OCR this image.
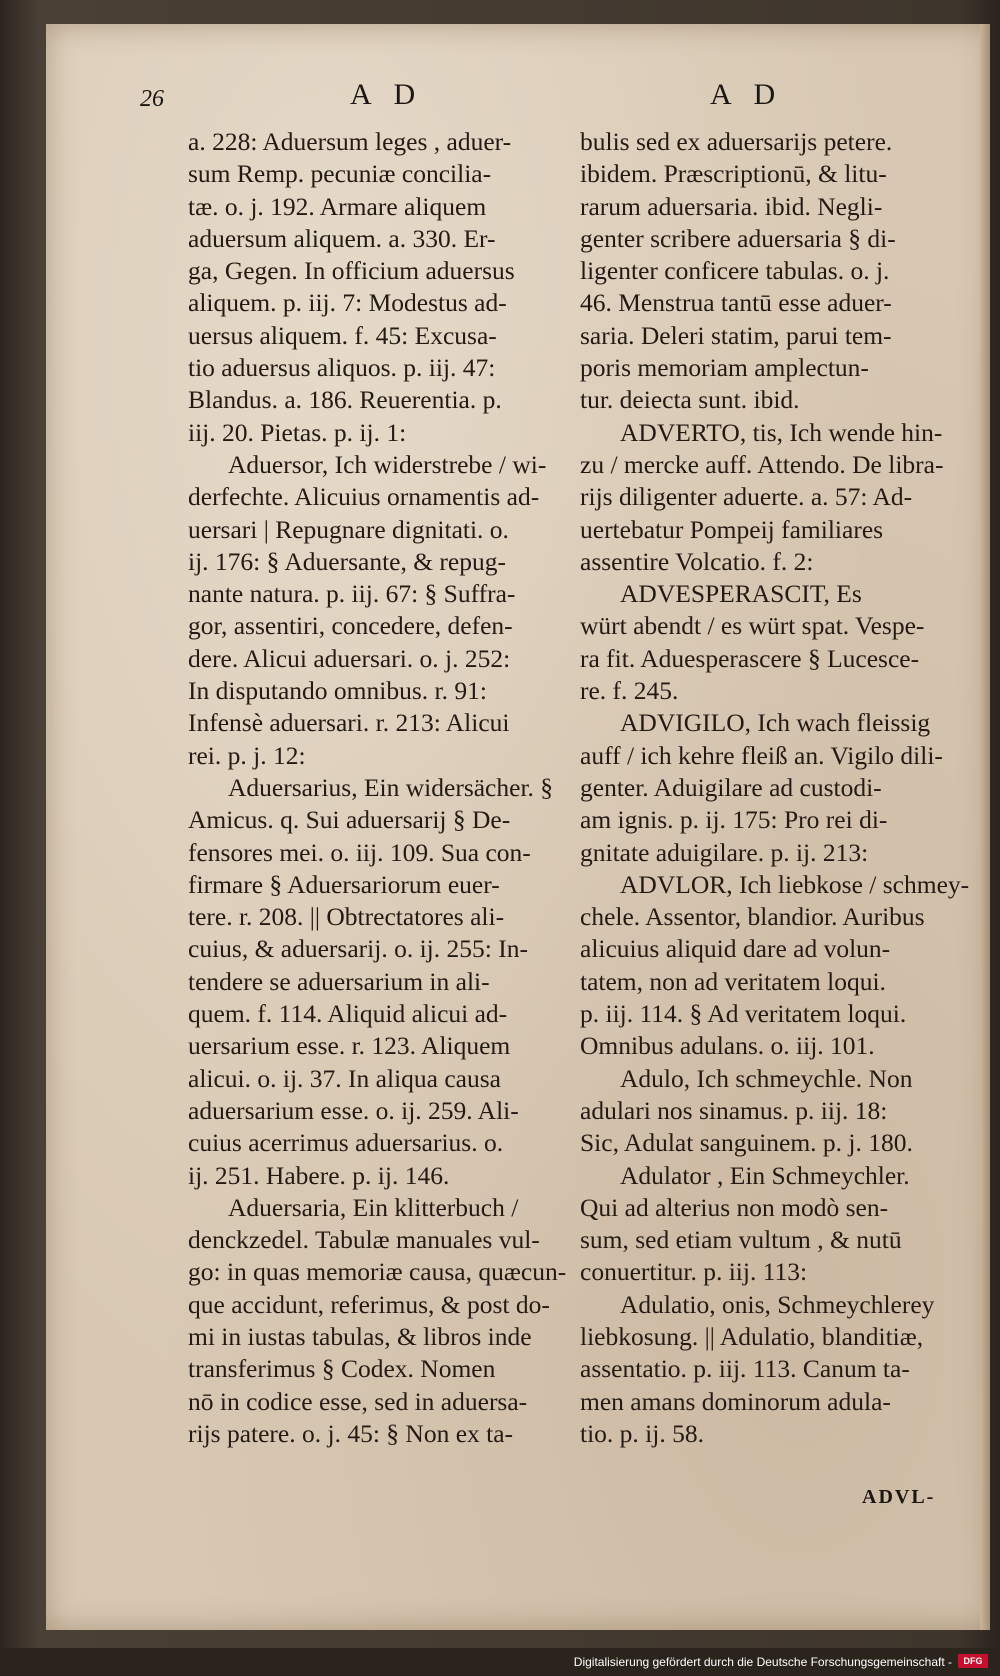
26	A D	A D
a. 228: Aduersum leges , aduer-
sum Remp. pecuniæ concilia-
tæ. o. j. 192. Armare aliquem
aduersum aliquem. a. 330. Er-
ga, Gegen. In officium aduersus
aliquem. p. iij. 7: Modestus ad-
uersus aliquem. f. 45: Excusa-
tio aduersus aliquos. p. iij. 47:
Blandus. a. 186. Reuerentia. p.
iij. 20. Pietas. p. ij. 1:
Aduersor, Ich widerstrebe / wi-
derfechte. Alicuius ornamentis ad-
uersari | Repugnare dignitati. o.
ij. 176: § Aduersante, & repug-
nante natura. p. iij. 67: § Suffra-
gor, assentiri, concedere, defen-
dere. Alicui aduersari. o. j. 252:
In disputando omnibus. r. 91:
Infensè aduersari. r. 213: Alicui
rei. p. j. 12:
Aduersarius, Ein widersächer. §
Amicus. q. Sui aduersarij § De-
fensores mei. o. iij. 109. Sua con-
firmare § Aduersariorum euer-
tere. r. 208. || Obtrectatores ali-
cuius, & aduersarij. o. ij. 255: In-
tendere se aduersarium in ali-
quem. f. 114. Aliquid alicui ad-
uersarium esse. r. 123. Aliquem
alicui. o. ij. 37. In aliqua causa
aduersarium esse. o. ij. 259. Ali-
cuius acerrimus aduersarius. o.
ij. 251. Habere. p. ij. 146.
Aduersaria, Ein klitterbuch /
denckzedel. Tabulæ manuales vul-
go: in quas memoriæ causa, quæcun-
que accidunt, referimus, & post do-
mi in iustas tabulas, & libros inde
transferimus § Codex. Nomen
nō in codice esse, sed in aduersa-
rijs patere. o. j. 45: § Non ex ta-
bulis sed ex aduersarijs petere.
ibidem. Præscriptionū, & litu-
rarum aduersaria. ibid. Negli-
genter scribere aduersaria § di-
ligenter conficere tabulas. o. j.
46. Menstrua tantū esse aduer-
saria. Deleri statim, parui tem-
poris memoriam amplectun-
tur. deiecta sunt. ibid.
ADVERTO, tis, Ich wende hin-
zu / mercke auff. Attendo. De libra-
rijs diligenter aduerte. a. 57: Ad-
uertebatur Pompeij familiares
assentire Volcatio. f. 2:
ADVESPERASCIT, Es
würt abendt / es würt spat. Vespe-
ra fit. Aduesperascere § Lucesce-
re. f. 245.
ADVIGILO, Ich wach fleissig
auff / ich kehre fleiß an. Vigilo dili-
genter. Aduigilare ad custodi-
am ignis. p. ij. 175: Pro rei di-
gnitate aduigilare. p. ij. 213:
ADVLOR, Ich liebkose / schmey-
chele. Assentor, blandior. Auribus
alicuius aliquid dare ad volun-
tatem, non ad veritatem loqui.
p. iij. 114. § Ad veritatem loqui.
Omnibus adulans. o. iij. 101.
Adulo, Ich schmeychle. Non
adulari nos sinamus. p. iij. 18:
Sic, Adulat sanguinem. p. j. 180.
Adulator , Ein Schmeychler.
Qui ad alterius non modò sen-
sum, sed etiam vultum , & nutū
conuertitur. p. iij. 113:
Adulatio, onis, Schmeychlerey
liebkosung. || Adulatio, blanditiæ,
assentatio. p. iij. 113. Canum ta-
men amans dominorum adula-
tio. p. ij. 58.
ADVL-
Digitalisierung gefördert durch die Deutsche Forschungsgemeinschaft -	DFG
